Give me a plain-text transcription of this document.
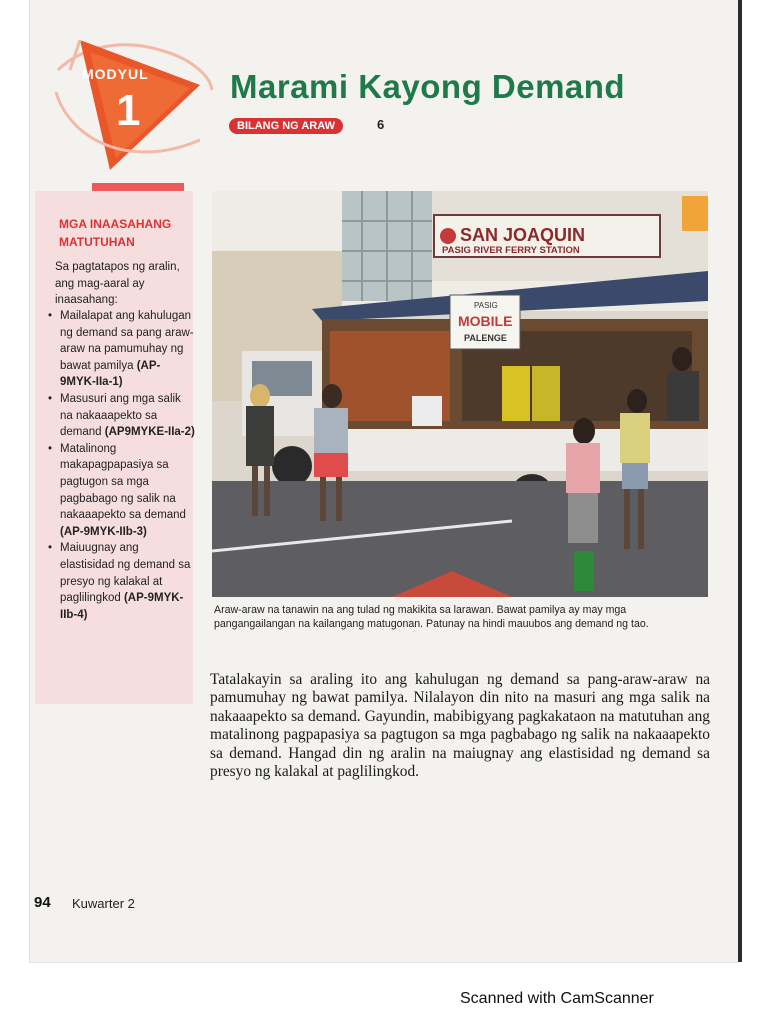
MODYUL
1	Marami Kayong Demand
BILANG NG ARAW	6
MGA INAASAHANG MATUTUHAN
Sa pagtatapos ng aralin, ang mag-aaral ay inaasahang:
• Mailalapat ang kahulugan ng demand sa pang araw-araw na pamumuhay ng bawat pamilya (AP-9MYK-IIa-1)
• Masusuri ang mga salik na nakaaapekto sa demand (AP9MYKE-IIa-2)
• Matalinong makapagpapasiya sa pagtugon sa mga pagbabago ng salik na nakaaapekto sa demand (AP-9MYK-IIb-3)
• Maiuugnay ang elastisidad ng demand sa presyo ng kalakal at paglilingkod (AP-9MYK-IIb-4)
SAN JOAQUIN
PASIG RIVER FERRY STATION
PASIG
MOBILE
PALENGE
Araw-araw na tanawin na ang tulad ng makikita sa larawan. Bawat pamilya ay may mga pangangailangan na kailangang matugonan. Patunay na hindi mauubos ang demand ng tao.
Tatalakayin sa araling ito ang kahulugan ng demand sa pang-araw-araw na pamumuhay ng bawat pamilya. Nilalayon din nito na masuri ang mga salik na nakaaapekto sa demand. Gayundin, mabibigyang pagkakataon na matutuhan ang matalinong pagpapasiya sa pagtugon sa mga pagbabago ng salik na nakaaapekto sa demand. Hangad din ng aralin na maiugnay ang elastisidad ng demand sa presyo ng kalakal at paglilingkod.
94 Kuwarter 2
Scanned with CamScanner
